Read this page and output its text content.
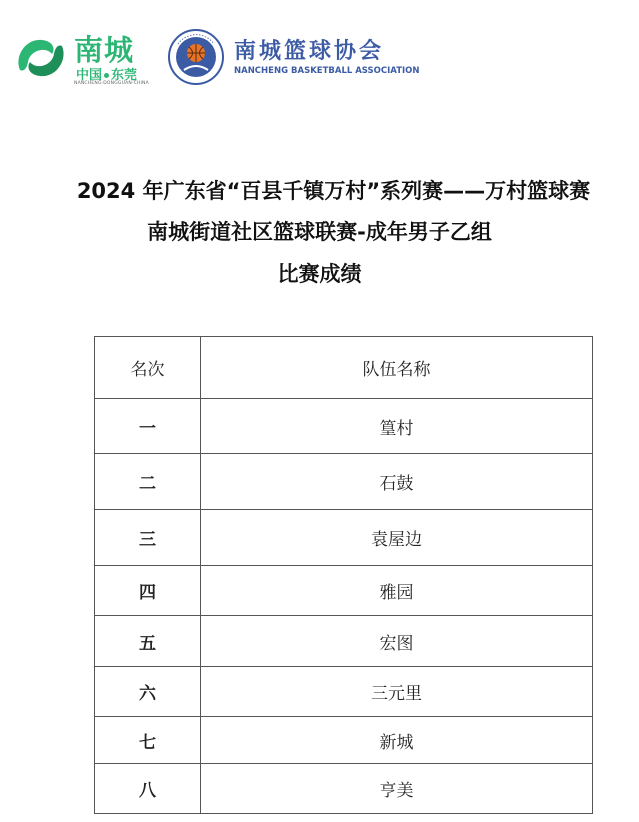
南城
中国 东莞
NANCHENG·DONGGUAN·CHINA
南城篮球协会
NANCHENG BASKETBALL ASSOCIATION
2024 年广东省“百县千镇万村”系列赛——万村篮球赛
南城街道社区篮球联赛-成年男子乙组
比赛成绩
名次	队伍名称
一	篁村
二	石鼓
三	袁屋边
四	雅园
五	宏图
六	三元里
七	新城
八	亨美
